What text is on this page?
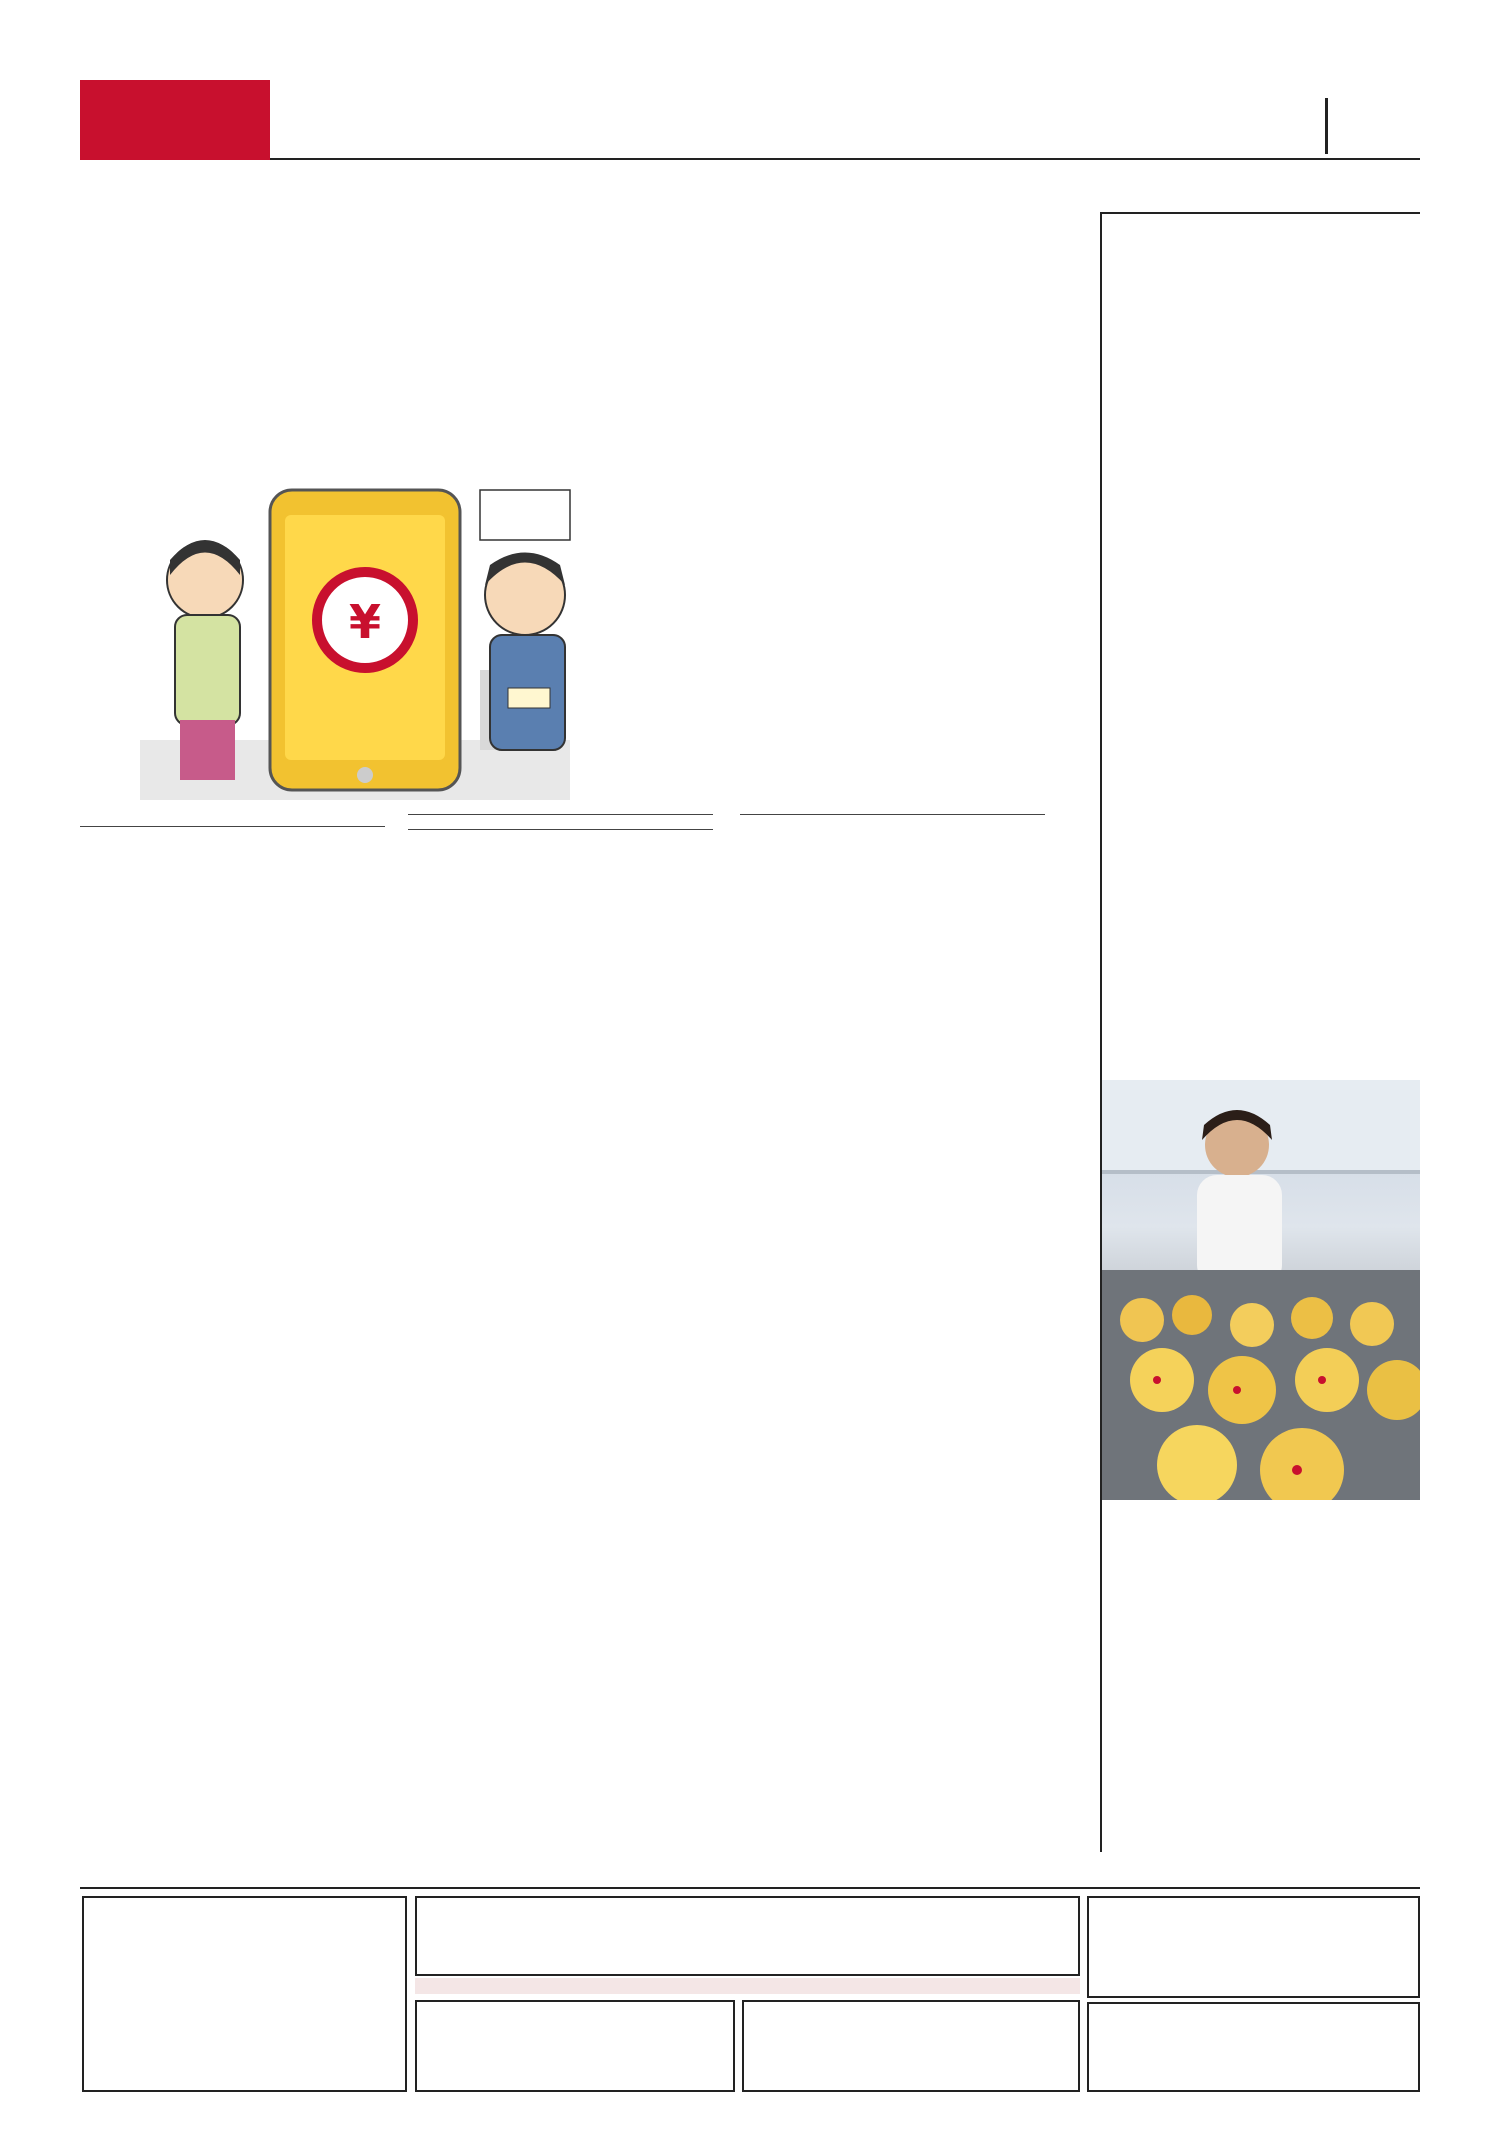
¥
